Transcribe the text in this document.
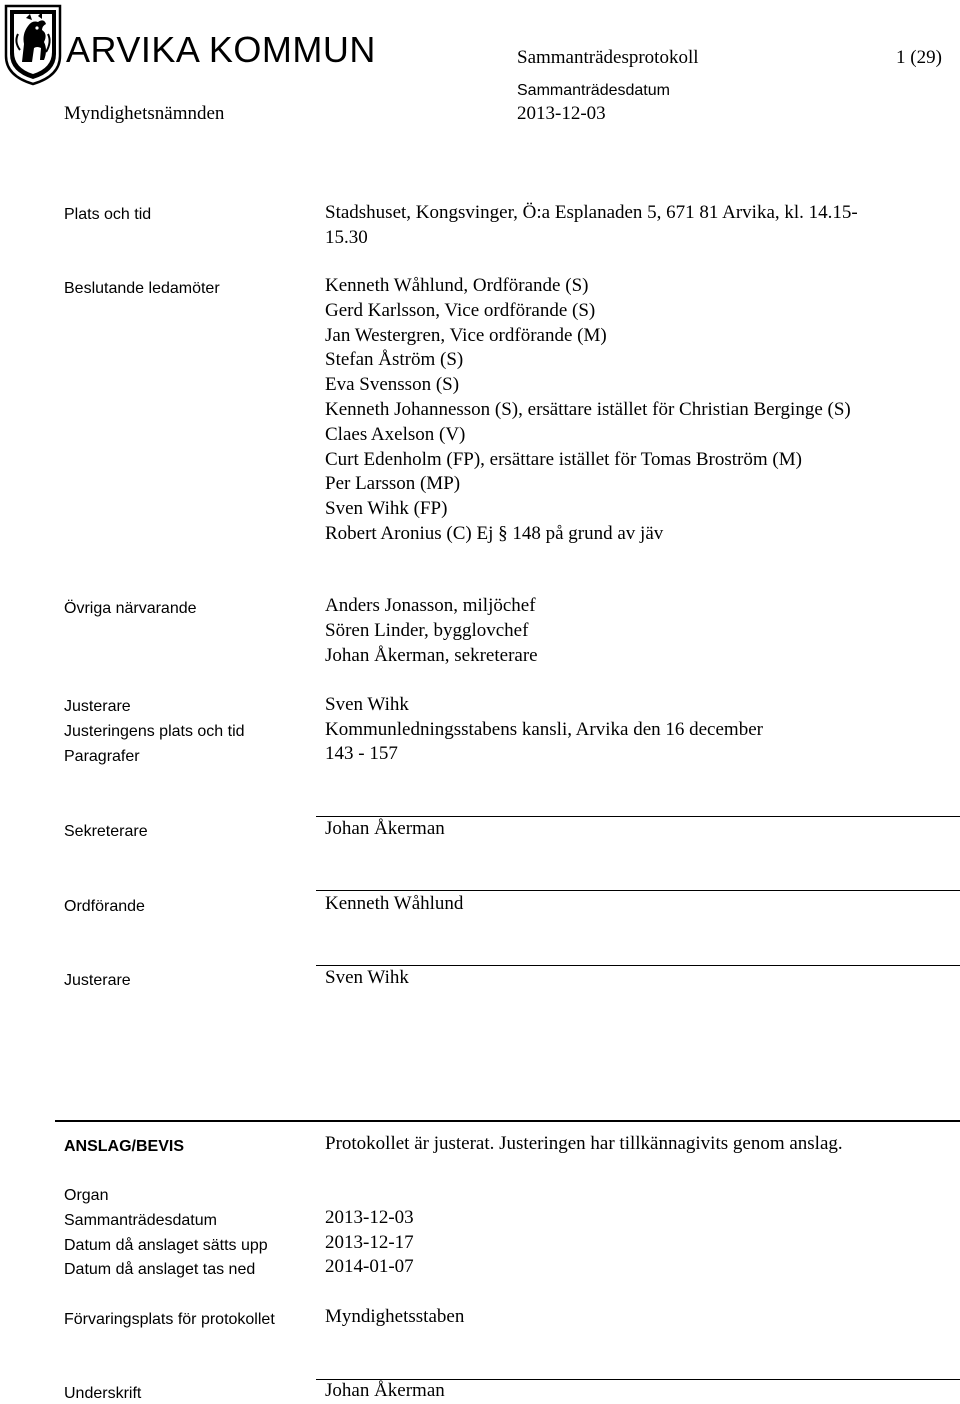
ARVIKA KOMMUN	Sammanträdesprotokoll	1 (29)
Myndighetsnämnden
Sammanträdesdatum
2013-12-03
Plats och tid	Stadshuset, Kongsvinger, Ö:a Esplanaden 5, 671 81 Arvika, kl. 14.15-
15.30
Beslutande ledamöter	Kenneth Wåhlund, Ordförande (S)
Gerd Karlsson, Vice ordförande (S)
Jan Westergren, Vice ordförande (M)
Stefan Åström (S)
Eva Svensson (S)
Kenneth Johannesson (S), ersättare istället för Christian Berginge (S)
Claes Axelson (V)
Curt Edenholm (FP), ersättare istället för Tomas Broström (M)
Per Larsson (MP)
Sven Wihk (FP)
Robert Aronius (C) Ej § 148 på grund av jäv
Övriga närvarande	Anders Jonasson, miljöchef
Sören Linder, bygglovchef
Johan Åkerman, sekreterare
Justerare	Sven Wihk
Justeringens plats och tid	Kommunledningsstabens kansli, Arvika den 16 december
Paragrafer	143 - 157
Sekreterare	Johan Åkerman
Ordförande	Kenneth Wåhlund
Justerare	Sven Wihk
ANSLAG/BEVIS	Protokollet är justerat. Justeringen har tillkännagivits genom anslag.
Organ
Sammanträdesdatum	2013-12-03
Datum då anslaget sätts upp	2013-12-17
Datum då anslaget tas ned	2014-01-07
Förvaringsplats för protokollet	Myndighetsstaben
Underskrift	Johan Åkerman
